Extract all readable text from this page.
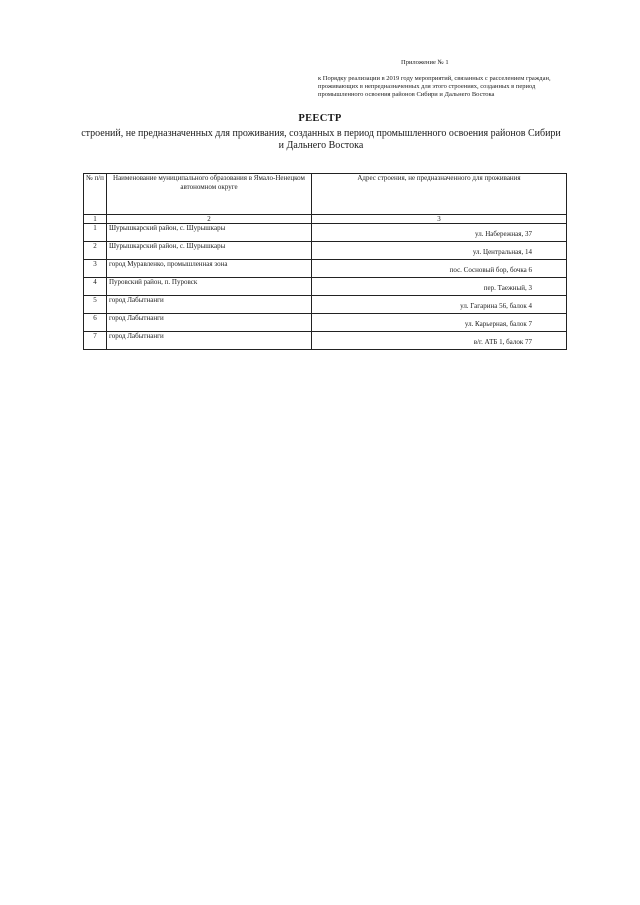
Приложение № 1
к Порядку реализации в 2019 году мероприятий, связанных с расселением граждан, проживающих в непредназначенных для этого строениях, созданных в период промышленного освоения районов Сибири и Дальнего Востока
РЕЕСТР
строений, не предназначенных для проживания, созданных в период промышленного освоения районов Сибири и Дальнего Востока
№ п/п	Наименование муниципального образования в Ямало-Ненецком автономном округе	Адрес строения, не предназначенного для проживания
1	2	3
1	Шурышкарский район, с. Шурышкары	ул. Набережная, 37
2	Шурышкарский район, с. Шурышкары	ул. Центральная, 14
3	город Муравленко, промышленная зона	пос. Сосновый бор, бочка 6
4	Пуровский район, п. Пуровск	пер. Таежный, 3
5	город Лабытнанги	ул. Гагарина 56, балок 4
6	город Лабытнанги	ул. Карьерная, балок 7
7	город Лабытнанги	в/г. АТБ 1, балок 77
